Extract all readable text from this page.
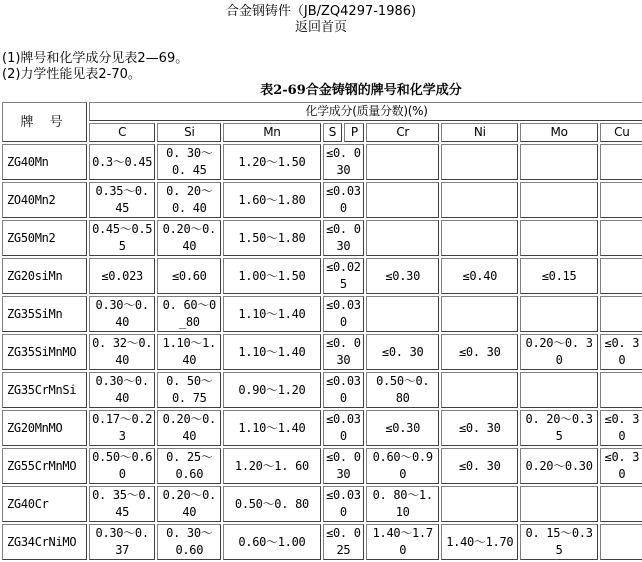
合金钢铸件（JB/ZQ4297-1986)
返回首页
(1)牌号和化学成分见表2—69。
(2)力学性能见表2-70。
表2-69合金铸钢的牌号和化学成分
牌 号	化学成分(质量分数)(%)								
	C	Si	Mn	S	P	Cr	Ni	Mo	Cu
ZG40Mn	0.3～0.45	0. 30～0. 45	1.20～1.50	≤0. 030					
ZO40Mn2	0.35～0. 45	0. 20～0. 40	1.60～1.80	≤0.030					
ZG50Mn2	0.45～0.55	0.20～0. 40	1.50～1.80	≤0. 030					
ZG20siMn	≤0.023	≤0.60	1.00～1.50	≤0.025		≤0.30	≤0.40	≤0.15	
ZG35SiMn	0.30～0. 40	0. 60～0_80	1.10～1.40	≤0.030					
ZG35SiMnMO	0. 32～0.40	1.10～1.40	1.10～1.40	≤0. 030		≤0. 30	≤0. 30	0.20～0. 30	≤0. 30
ZG35CrMnSi	0.30～0. 40	0. 50～0. 75	0.90～1.20	≤0.030		0.50～0. 80			
ZG20MnMO	0.17～0.23	0.20～0. 40	1.10～1.40	≤0.030		≤0.30	≤0. 30	0. 20～0.35	≤0. 30
ZG55CrMnMO	0.50～0.60	0. 25～0.60	1.20～1. 60	≤0. 030		0.60～0.90	≤0. 30	0.20～0.30	≤0. 30
ZG40Cr	0. 35～0.45	0.20～0. 40	0.50～0. 80	≤0.030		0. 80～1.10			
ZG34CrNiMO	0.30～0. 37	0. 30～0.60	0.60～1.00	≤0. 025		1.40～1.70	1.40～1.70	0. 15～0.35	
